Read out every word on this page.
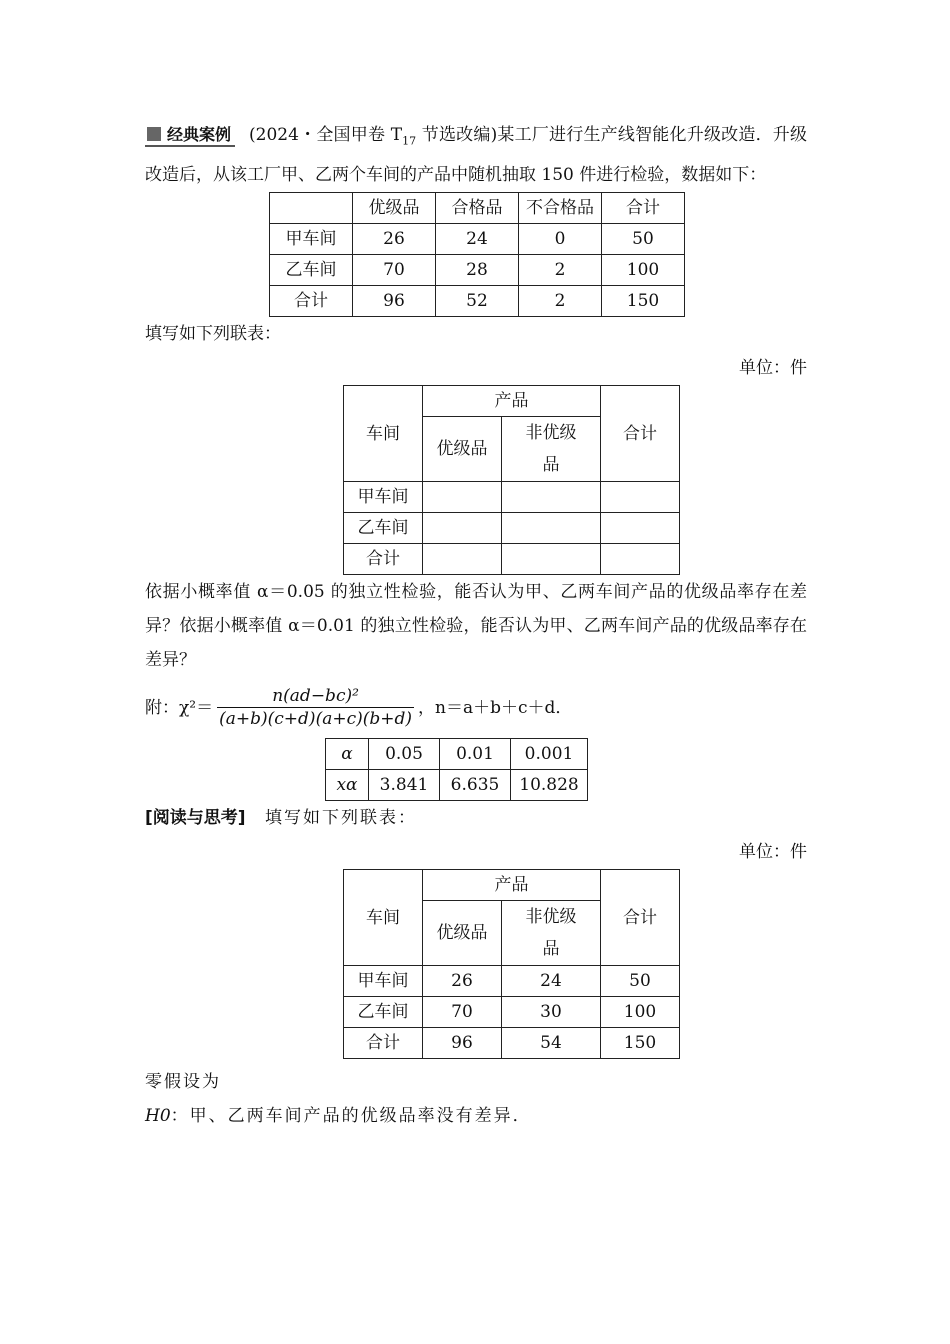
经典案例 (2024・全国甲卷 $T_{17}$ 节选改编)某工厂进行生产线智能化升级改造．升级改造后，从该工厂甲、乙两个车间的产品中随机抽取 150 件进行检验，数据如下：

	优级品	合格品	不合格品	合计
甲车间	26	24	0	50
乙车间	70	28	2	100
合计	96	52	2	150

填写如下列联表：

单位：件

车间	产品		合计
	优级品	非优级品	
甲车间			
乙车间			
合计			

依据小概率值 α＝0.05 的独立性检验，能否认为甲、乙两车间产品的优级品率存在差异？依据小概率值 α＝0.01 的独立性检验，能否认为甲、乙两车间产品的优级品率存在差异？

附：$\chi^2= \frac{\text{n(ad−bc)²}}{(a+b)(c+d)(a+c)(b+d)}$ ，n＝a＋b＋c＋d．
α	0.05	0.01	0.001
xα	3.841	6.635	10.828

[阅读与思考] 填写如下列联表：

单位：件

车间	产品		合计
	优级品	非优级品	
甲车间	26	24	50
乙车间	70	30	100
合计	96	54	150

零假设为

H0：甲、乙两车间产品的优级品率没有差异．
